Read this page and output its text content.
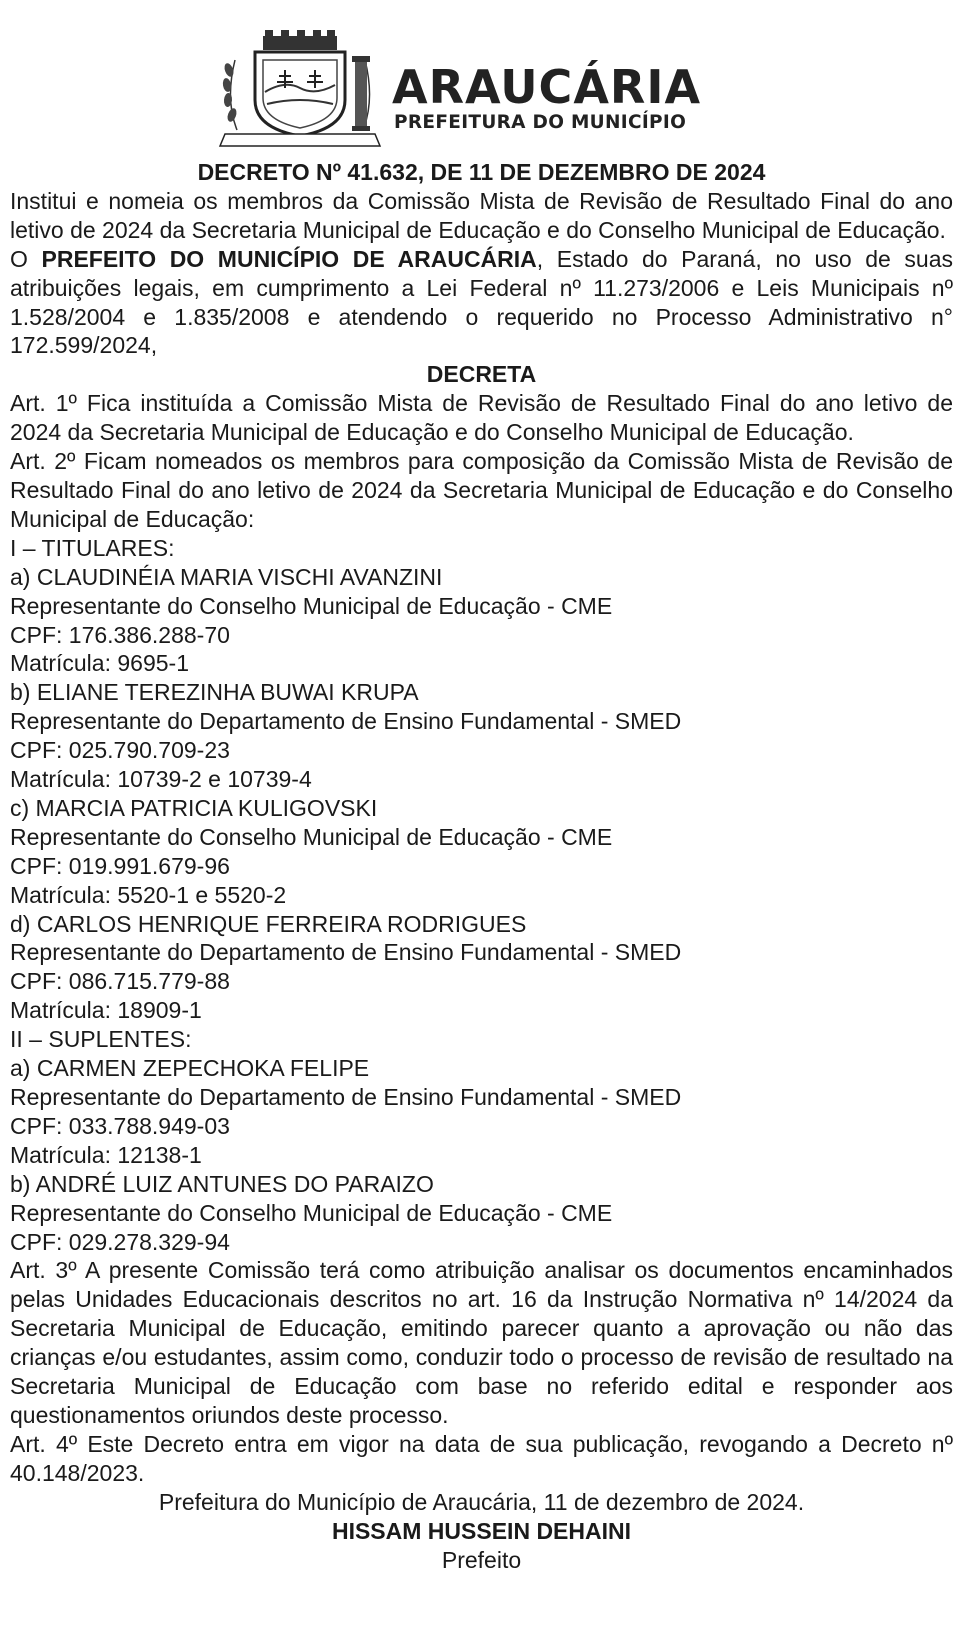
ARAUCÁRIA
PREFEITURA DO MUNICÍPIO

DECRETO Nº 41.632, DE 11 DE DEZEMBRO DE 2024

Institui e nomeia os membros da Comissão Mista de Revisão de Resultado Final do ano letivo de 2024 da Secretaria Municipal de Educação e do Conselho Municipal de Educação.

O PREFEITO DO MUNICÍPIO DE ARAUCÁRIA, Estado do Paraná, no uso de suas atribuições legais, em cumprimento a Lei Federal nº 11.273/2006 e Leis Municipais nº 1.528/2004 e 1.835/2008 e atendendo o requerido no Processo Administrativo n° 172.599/2024,

DECRETA

Art. 1º Fica instituída a Comissão Mista de Revisão de Resultado Final do ano letivo de 2024 da Secretaria Municipal de Educação e do Conselho Municipal de Educação.

Art. 2º Ficam nomeados os membros para composição da Comissão Mista de Revisão de Resultado Final do ano letivo de 2024 da Secretaria Municipal de Educação e do Conselho Municipal de Educação:

I – TITULARES:

a) CLAUDINÉIA MARIA VISCHI AVANZINI

Representante do Conselho Municipal de Educação - CME

CPF: 176.386.288-70

Matrícula: 9695-1

b) ELIANE TEREZINHA BUWAI KRUPA

Representante do Departamento de Ensino Fundamental - SMED

CPF: 025.790.709-23

Matrícula: 10739-2 e 10739-4

c) MARCIA PATRICIA KULIGOVSKI

Representante do Conselho Municipal de Educação - CME

CPF: 019.991.679-96

Matrícula: 5520-1 e 5520-2

d) CARLOS HENRIQUE FERREIRA RODRIGUES

Representante do Departamento de Ensino Fundamental - SMED

CPF: 086.715.779-88

Matrícula: 18909-1

II – SUPLENTES:

a) CARMEN ZEPECHOKA FELIPE

Representante do Departamento de Ensino Fundamental - SMED

CPF: 033.788.949-03

Matrícula: 12138-1

b) ANDRÉ LUIZ ANTUNES DO PARAIZO

Representante do Conselho Municipal de Educação - CME

CPF: 029.278.329-94

Art. 3º A presente Comissão terá como atribuição analisar os documentos encaminhados pelas Unidades Educacionais descritos no art. 16 da Instrução Normativa nº 14/2024 da Secretaria Municipal de Educação, emitindo parecer quanto a aprovação ou não das crianças e/ou estudantes, assim como, conduzir todo o processo de revisão de resultado na Secretaria Municipal de Educação com base no referido edital e responder aos questionamentos oriundos deste processo.

Art. 4º Este Decreto entra em vigor na data de sua publicação, revogando a Decreto nº 40.148/2023.

Prefeitura do Município de Araucária, 11 de dezembro de 2024.

HISSAM HUSSEIN DEHAINI

Prefeito
